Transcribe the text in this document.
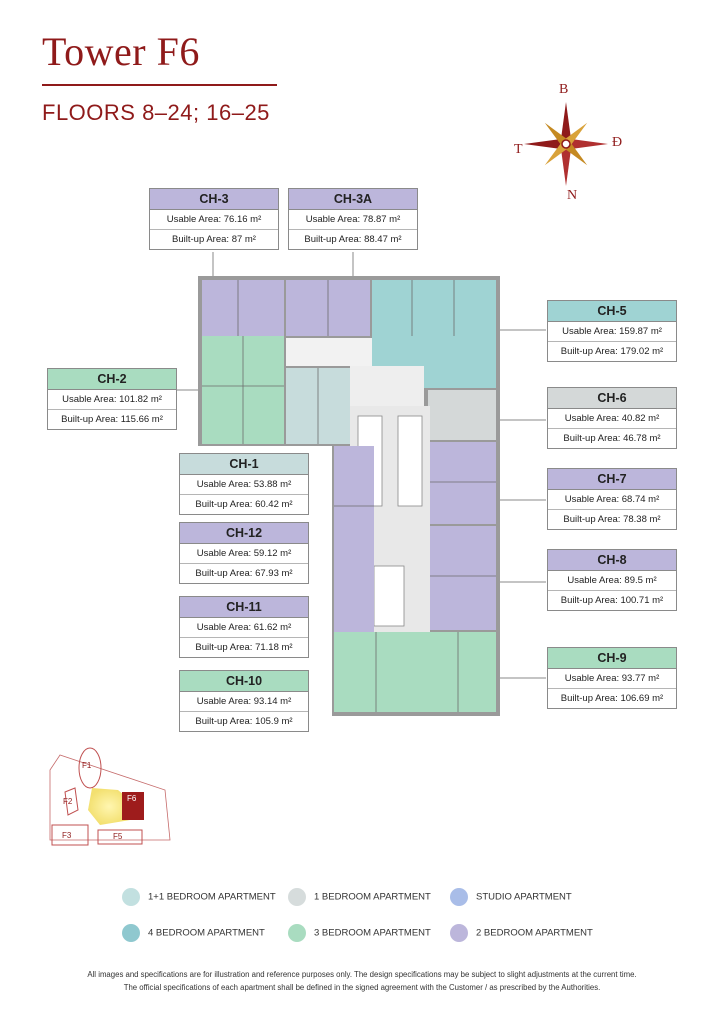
Tower F6
FLOORS 8–24; 16–25
B
Đ
N
T
CH-3
Usable Area: 76.16 m²
Built-up Area: 87 m²
CH-3A
Usable Area: 78.87 m²
Built-up Area: 88.47 m²
CH-5
Usable Area: 159.87 m²
Built-up Area: 179.02 m²
CH-2
Usable Area: 101.82 m²
Built-up Area: 115.66 m²
CH-6
Usable Area: 40.82 m²
Built-up Area: 46.78 m²
CH-1
Usable Area: 53.88 m²
Built-up Area: 60.42 m²
CH-7
Usable Area: 68.74 m²
Built-up Area: 78.38 m²
CH-12
Usable Area: 59.12 m²
Built-up Area: 67.93 m²
CH-8
Usable Area: 89.5 m²
Built-up Area: 100.71 m²
CH-11
Usable Area: 61.62 m²
Built-up Area: 71.18 m²
CH-9
Usable Area: 93.77 m²
Built-up Area: 106.69 m²
CH-10
Usable Area: 93.14 m²
Built-up Area: 105.9 m²
F1
F2	F6
F3	F5
1+1 BEDROOM APARTMENT	1 BEDROOM APARTMENT	STUDIO APARTMENT
4 BEDROOM APARTMENT	3 BEDROOM APARTMENT	2 BEDROOM APARTMENT
All images and specifications are for illustration and reference purposes only. The design specifications may be subject to slight adjustments at the current time.
The official specifications of each apartment shall be defined in the signed agreement with the Customer / as prescribed by the Authorities.
